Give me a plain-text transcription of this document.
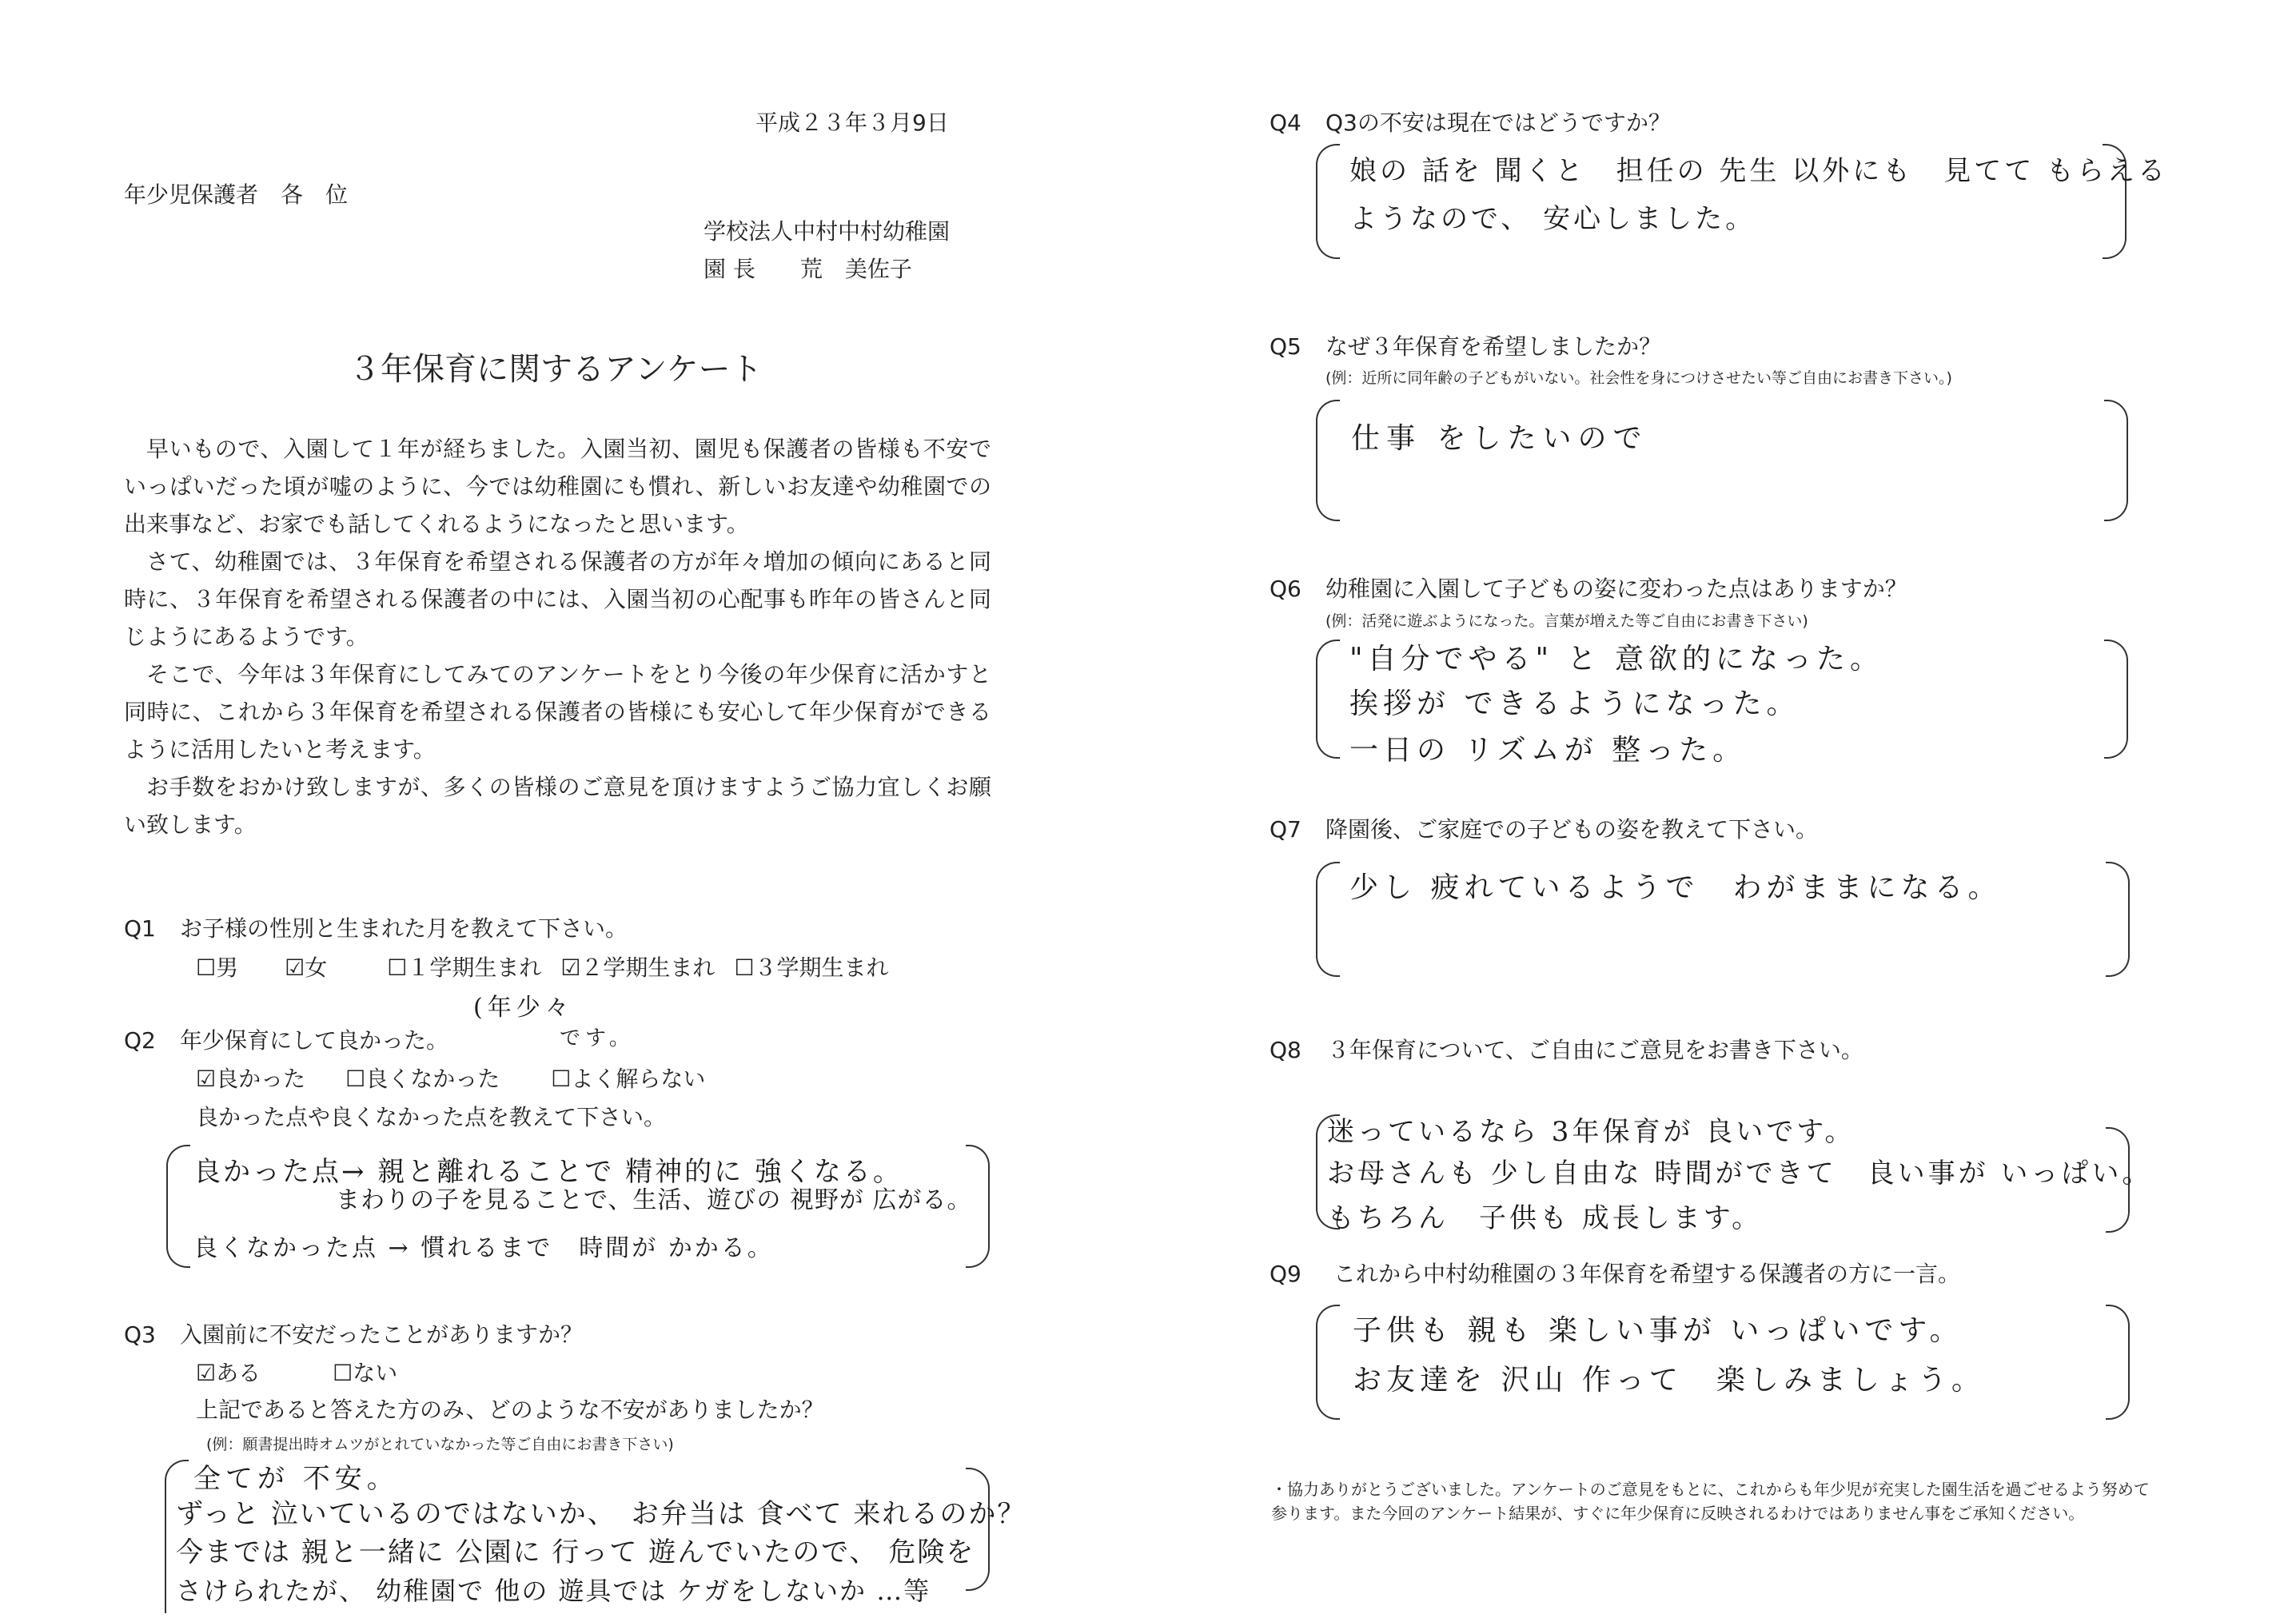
平成２３年３月9日
年少児保護者　各　位
学校法人中村中村幼稚園
園 長　　荒　美佐子
３年保育に関するアンケート

早いもので、入園して１年が経ちました。入園当初、園児も保護者の皆様も不安でいっぱいだった頃が嘘のように、今では幼稚園にも慣れ、新しいお友達や幼稚園での出来事など、お家でも話してくれるようになったと思います。

さて、幼稚園では、３年保育を希望される保護者の方が年々増加の傾向にあると同時に、３年保育を希望される保護者の中には、入園当初の心配事も昨年の皆さんと同じようにあるようです。

そこで、今年は３年保育にしてみてのアンケートをとり今後の年少保育に活かすと同時に、これから３年保育を希望される保護者の皆様にも安心して年少保育ができるように活用したいと考えます。

お手数をおかけ致しますが、多くの皆様のご意見を頂けますようご協力宜しくお願い致します。

Q1 お子様の性別と生まれた月を教えて下さい。
☐男 ☑女	☐１学期生まれ ☑２学期生まれ ☐３学期生まれ
Q2 年少保育にして良かった。
(年少々
です。
☑良かった ☐良くなかった ☐よく解らない
良かった点や良くなかった点を教えて下さい。
良かった点→ 親と離れることで 精神的に 強くなる。
まわりの子を見ることで、生活、遊びの 視野が 広がる。
良くなかった点 → 慣れるまで　時間が かかる。
Q3 入園前に不安だったことがありますか？
☑ある	☐ない
上記であると答えた方のみ、どのような不安がありましたか？
(例：願書提出時オムツがとれていなかった等ご自由にお書き下さい)
全てが 不安。
ずっと 泣いているのではないか、　お弁当は 食べて 来れるのか？
今までは 親と一緒に 公園に 行って 遊んでいたので、 危険を
さけられたが、 幼稚園で 他の 遊具では ケガをしないか …等
Q4 Q3の不安は現在ではどうですか？
娘の 話を 聞くと　担任の 先生 以外にも　見てて もらえる
ようなので、 安心しました。
Q5 なぜ３年保育を希望しましたか？
(例：近所に同年齢の子どもがいない。社会性を身につけさせたい等ご自由にお書き下さい。)
仕事 をしたいので
Q6 幼稚園に入園して子どもの姿に変わった点はありますか？
(例：活発に遊ぶようになった。言葉が増えた等ご自由にお書き下さい)
"自分でやる" と 意欲的になった。
挨拶が できるようになった。
一日の リズムが 整った。
Q7 降園後、ご家庭での子どもの姿を教えて下さい。
少し 疲れているようで　わがままになる。
Q8 ３年保育について、ご自由にご意見をお書き下さい。
迷っているなら 3年保育が 良いです。
お母さんも 少し自由な 時間ができて　良い事が いっぱい。
もちろん　子供も 成長します。
Q9 これから中村幼稚園の３年保育を希望する保護者の方に一言。
子供も 親も 楽しい事が いっぱいです。
お友達を 沢山 作って　楽しみましょう。
・協力ありがとうございました。アンケートのご意見をもとに、これからも年少児が充実した園生活を過ごせるよう努めて参ります。また今回のアンケート結果が、すぐに年少保育に反映されるわけではありません事をご承知ください。
